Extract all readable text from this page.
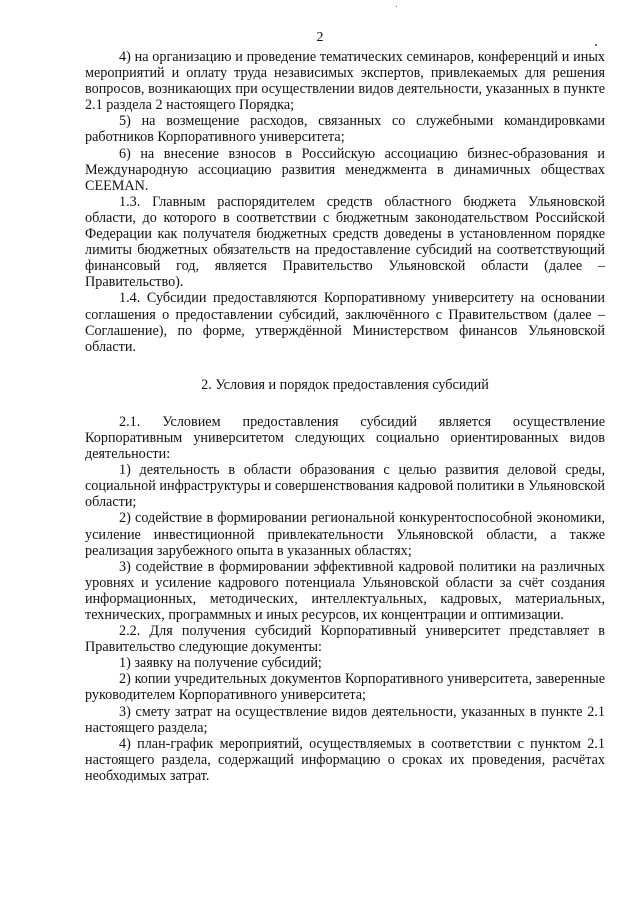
2

4) на организацию и проведение тематических семинаров, конференций и иных мероприятий и оплату труда независимых экспертов, привлекаемых для решения вопросов, возникающих при осуществлении видов деятельности, указанных в пункте 2.1 раздела 2 настоящего Порядка;

5) на возмещение расходов, связанных со служебными командировками работников Корпоративного университета;

6) на внесение взносов в Российскую ассоциацию бизнес-образования и Международную ассоциацию развития менеджмента в динамичных обществах CEEMAN.

1.3. Главным распорядителем средств областного бюджета Ульяновской области, до которого в соответствии с бюджетным законодательством Российской Федерации как получателя бюджетных средств доведены в установленном порядке лимиты бюджетных обязательств на предоставление субсидий на соответствующий финансовый год, является Правительство Ульяновской области (далее – Правительство).

1.4. Субсидии предоставляются Корпоративному университету на основании соглашения о предоставлении субсидий, заключённого с Правительством (далее – Соглашение), по форме, утверждённой Министерством финансов Ульяновской области.

2. Условия и порядок предоставления субсидий

2.1. Условием предоставления субсидий является осуществление Корпоративным университетом следующих социально ориентированных видов деятельности:

1) деятельность в области образования с целью развития деловой среды, социальной инфраструктуры и совершенствования кадровой политики в Ульяновской области;

2) содействие в формировании региональной конкурентоспособной экономики, усиление инвестиционной привлекательности Ульяновской области, а также реализация зарубежного опыта в указанных областях;

3) содействие в формировании эффективной кадровой политики на различных уровнях и усиление кадрового потенциала Ульяновской области за счёт создания информационных, методических, интеллектуальных, кадровых, материальных, технических, программных и иных ресурсов, их концентрации и оптимизации.

2.2. Для получения субсидий Корпоративный университет представляет в Правительство следующие документы:

1) заявку на получение субсидий;

2) копии учредительных документов Корпоративного университета, заверенные руководителем Корпоративного университета;

3) смету затрат на осуществление видов деятельности, указанных в пункте 2.1 настоящего раздела;

4) план-график мероприятий, осуществляемых в соответствии с пунктом 2.1 настоящего раздела, содержащий информацию о сроках их проведения, расчётах необходимых затрат.
